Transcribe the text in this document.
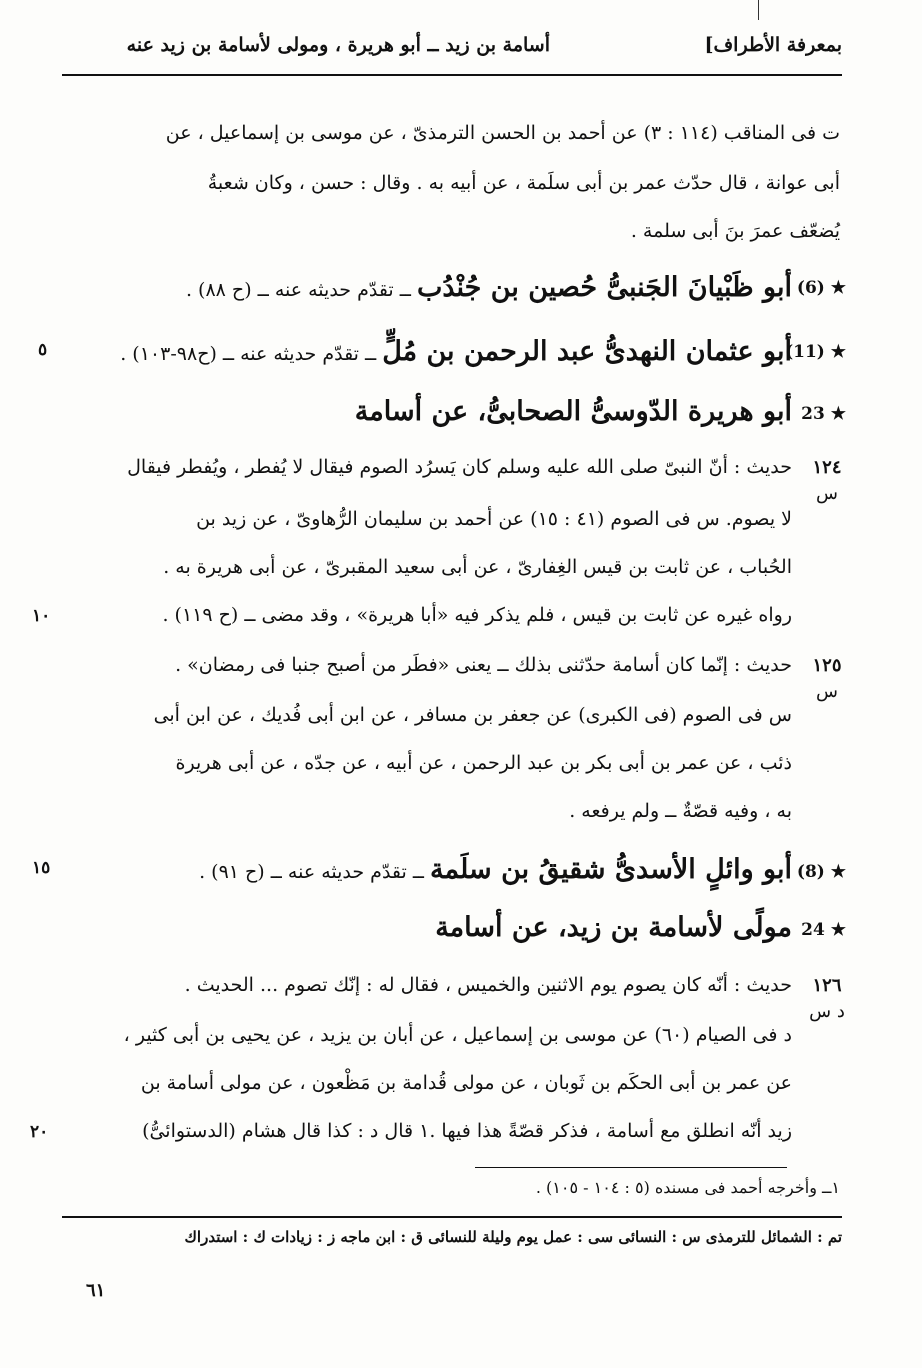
بمعرفة الأطراف]
أسامة بن زيد ــ أبو هريرة ، ومولى لأسامة بن زيد عنه
ت فى المناقب (١١٤ : ٣) عن أحمد بن الحسن الترمذىّ ، عن موسى بن إسماعيل ، عن
أبى عوانة ، قال حدّث عمر بن أبى سلَمة ، عن أبيه به . وقال : حسن ، وكان شعبةُ
يُضعّف عمرَ بنَ أبى سلمة .
(6) ★
أبو ظَبْيانَ الجَنبىُّ حُصين بن جُنْدُب ــ تقدّم حديثه عنه ــ (ح ٨٨) .
(11) ★
أبو عثمان النهدىُّ عبد الرحمن بن مُلٍّ ــ تقدّم حديثه عنه ــ (ح٩٨-١٠٣) .
٥
23 ★
أبو هريرة الدّوسىُّ الصحابىُّ، عن أسامة
١٢٤
س
حديث : أنّ النبىّ صلى الله عليه وسلم كان يَسرُد الصوم فيقال لا يُفطر ، ويُفطر فيقال
لا يصوم. س فى الصوم (٤١ : ١٥) عن أحمد بن سليمان الرُّهاوىّ ، عن زيد بن
الحُباب ، عن ثابت بن قيس الغِفارىّ ، عن أبى سعيد المقبرىّ ، عن أبى هريرة به .
رواه غيره عن ثابت بن قيس ، فلم يذكر فيه «أبا هريرة» ، وقد مضى ــ (ح ١١٩) .
١٠
١٢٥
س
حديث : إنّما كان أسامة حدّثنى بذلك ــ يعنى «فطَر من أصبح جنبا فى رمضان» .
س فى الصوم (فى الكبرى) عن جعفر بن مسافر ، عن ابن أبى فُديك ، عن ابن أبى
ذئب ، عن عمر بن أبى بكر بن عبد الرحمن ، عن أبيه ، عن جدّه ، عن أبى هريرة
به ، وفيه قصّةٌ ــ ولم يرفعه .
(8) ★
أبو وائلٍ الأسدىُّ شقيقُ بن سلَمة ــ تقدّم حديثه عنه ــ (ح ٩١) .
١٥
24 ★
مولًى لأسامة بن زيد، عن أسامة
١٢٦
د س
حديث : أنّه كان يصوم يوم الاثنين والخميس ، فقال له : إنّك تصوم ... الحديث .
د فى الصيام (٦٠) عن موسى بن إسماعيل ، عن أبان بن يزيد ، عن يحيى بن أبى كثير ،
عن عمر بن أبى الحكَم بن ثَوبان ، عن مولى قُدامة بن مَظْعون ، عن مولى أسامة بن
زيد أنّه انطلق مع أسامة ، فذكر قصّةً هذا فيها .١ قال د : كذا قال هشام (الدستوائىُّ)
٢٠
١ــ وأخرجه أحمد فى مسنده (٥ : ١٠٤ - ١٠٥) .
تم : الشمائل للترمذى س : النسائى سى : عمل يوم وليلة للنسائى ق : ابن ماجه ز : زيادات ك : استدراك
٦١
